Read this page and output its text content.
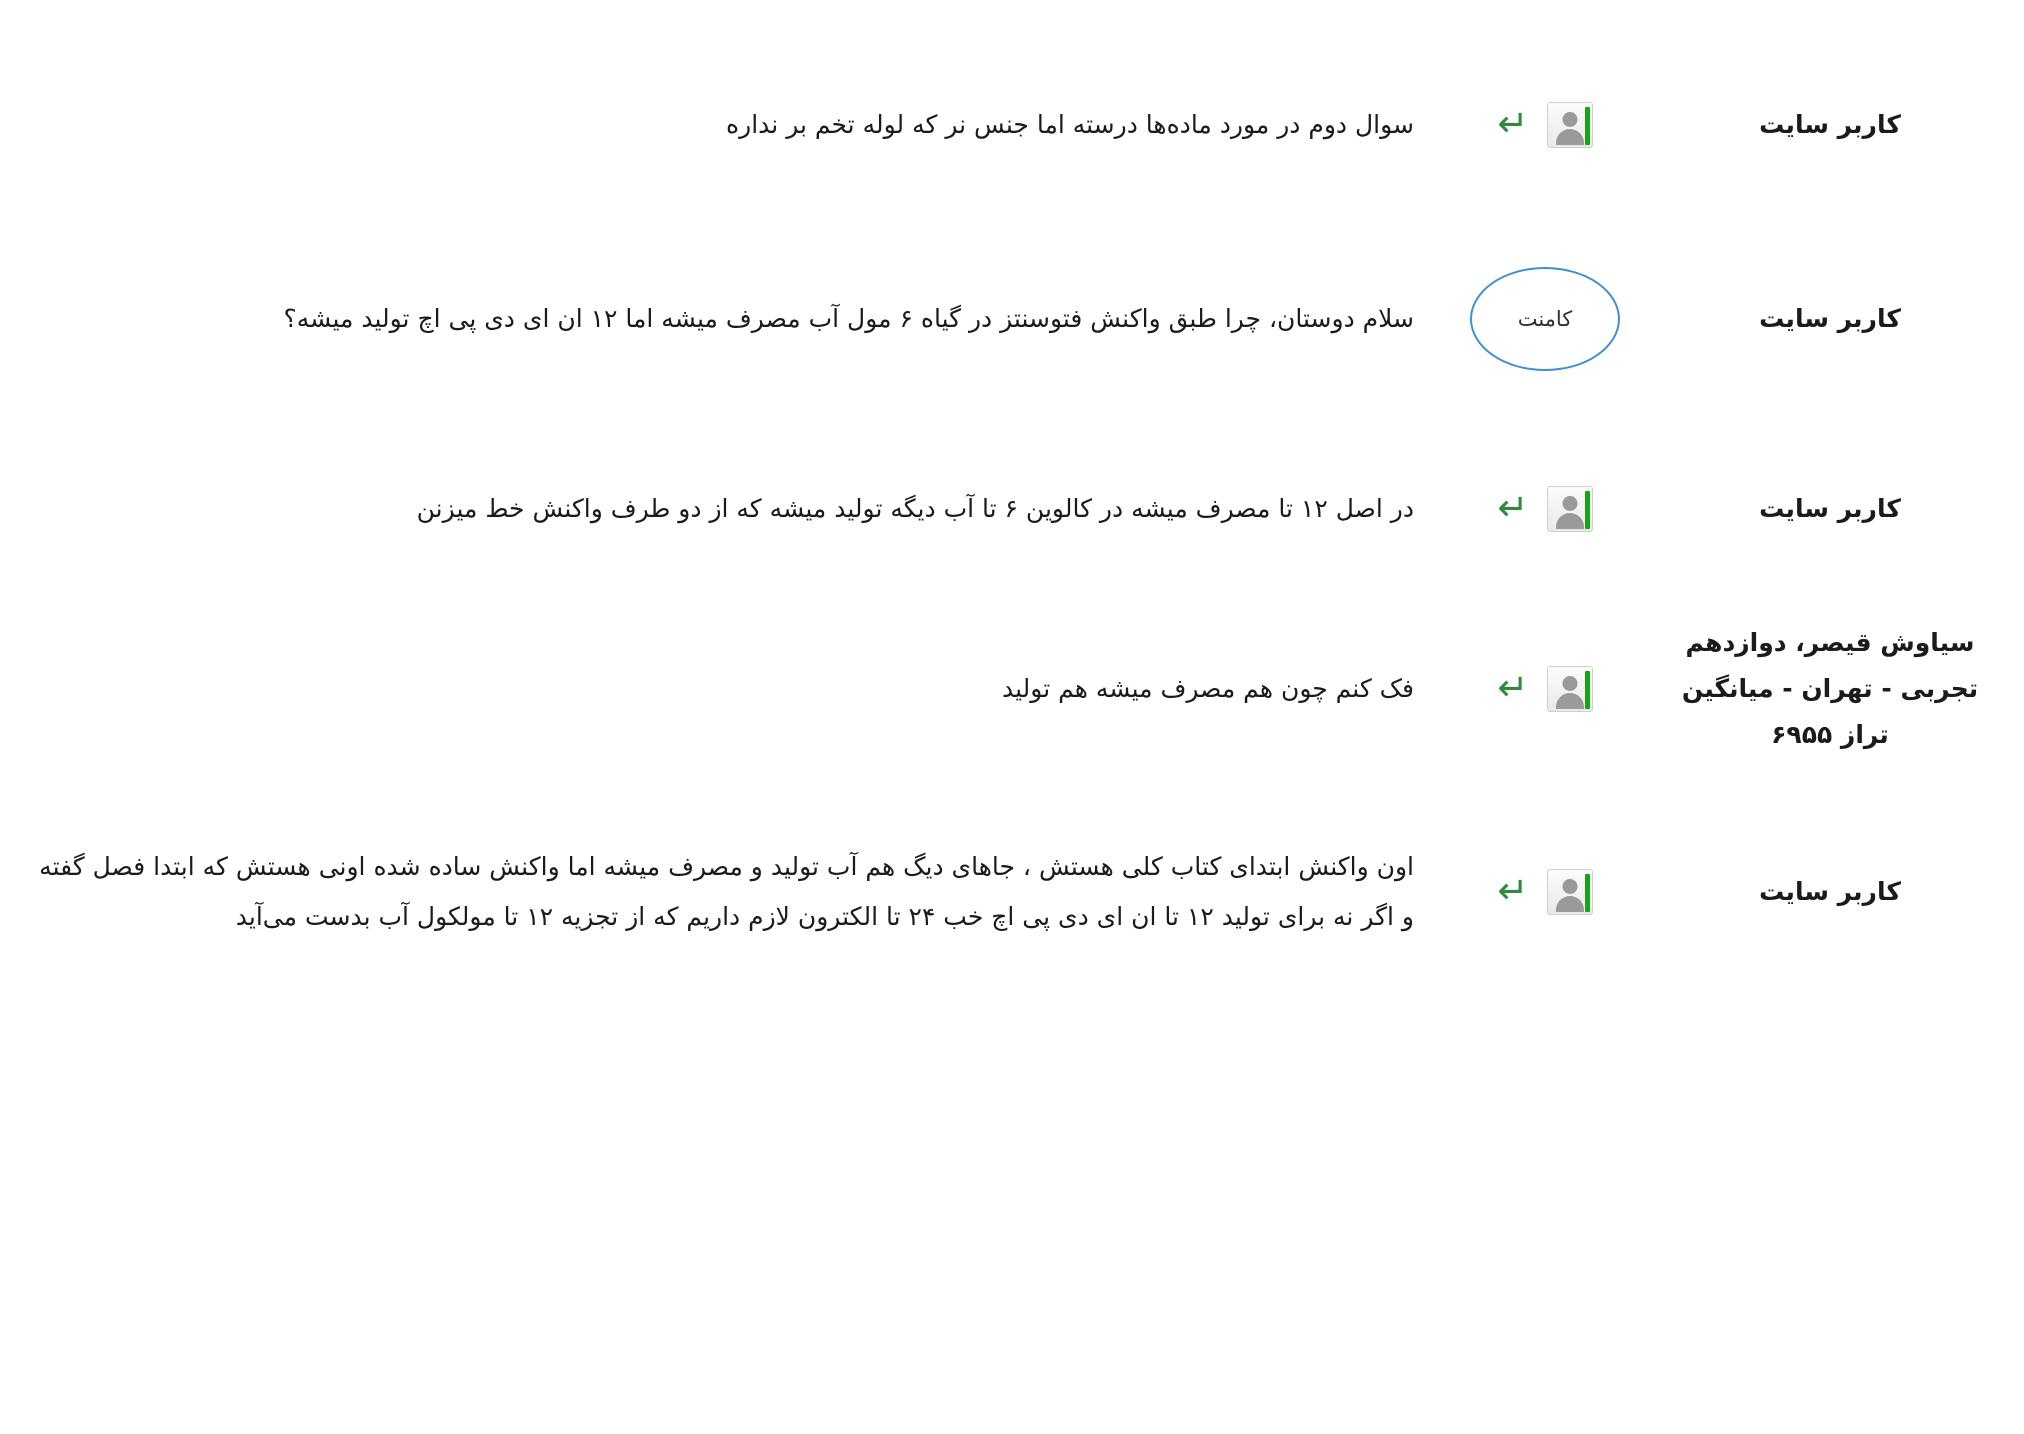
کاربر سایت
↵
سوال دوم در مورد ماده‌ها درسته اما جنس نر که لوله تخم بر نداره
کاربر سایت
کامنت
سلام دوستان، چرا طبق واکنش فتوسنتز در گیاه ۶ مول آب مصرف میشه اما ۱۲ ان ای دی پی اچ تولید میشه؟
کاربر سایت
↵
در اصل ۱۲ تا مصرف میشه در کالوین ۶ تا آب دیگه تولید میشه که از دو طرف واکنش خط میزنن
سیاوش قیصر، دوازدهم تجربی - تهران - میانگین تراز ۶۹۵۵
↵
فک کنم چون هم مصرف میشه هم تولید
کاربر سایت
↵
اون واکنش ابتدای کتاب کلی هستش ، جاهای دیگ هم آب تولید و مصرف میشه اما واکنش ساده شده اونی هستش که ابتدا فصل گفته و اگر نه برای تولید ۱۲ تا ان ای دی پی اچ خب ۲۴ تا الکترون لازم داریم که از تجزیه ۱۲ تا مولکول آب بدست می‌آید
